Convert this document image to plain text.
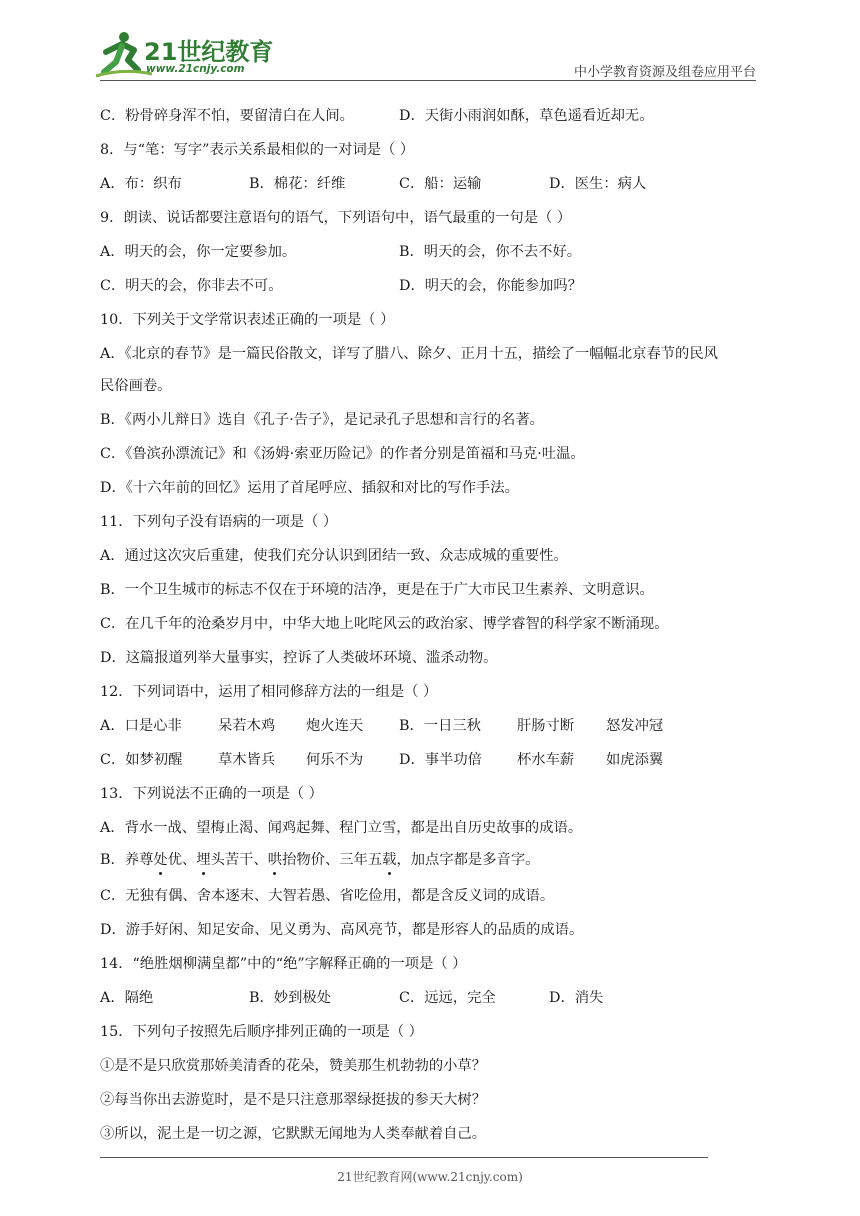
21世纪教育
www.21cnjy.com	中小学教育资源及组卷应用平台
C．粉骨碎身浑不怕，要留清白在人间。	D．天街小雨润如酥，草色遥看近却无。
8．与“笔：写字”表示关系最相似的一对词是（ ）
A．布：织布	B．棉花：纤维	C．船：运输	D．医生：病人
9．朗读、说话都要注意语句的语气，下列语句中，语气最重的一句是（ ）
A．明天的会，你一定要参加。	B．明天的会，你不去不好。
C．明天的会，你非去不可。	D．明天的会，你能参加吗？
10．下列关于文学常识表述正确的一项是（ ）
A．《北京的春节》是一篇民俗散文，详写了腊八、除夕、正月十五，描绘了一幅幅北京春节的民风
民俗画卷。
B．《两小儿辩日》选自《孔子·告子》，是记录孔子思想和言行的名著。
C．《鲁滨孙漂流记》和《汤姆·索亚历险记》的作者分别是笛福和马克·吐温。
D．《十六年前的回忆》运用了首尾呼应、插叙和对比的写作手法。
11．下列句子没有语病的一项是（ ）
A．通过这次灾后重建，使我们充分认识到团结一致、众志成城的重要性。
B．一个卫生城市的标志不仅在于环境的洁净，更是在于广大市民卫生素养、文明意识。
C．在几千年的沧桑岁月中，中华大地上叱咤风云的政治家、博学睿智的科学家不断涌现。
D．这篇报道列举大量事实，控诉了人类破坏环境、滥杀动物。
12．下列词语中，运用了相同修辞方法的一组是（ ）
A．口是心非	呆若木鸡 炮火连天	B．一日三秋	肝肠寸断 怒发冲冠
C．如梦初醒 草木皆兵 何乐不为	D．事半功倍 杯水车薪 如虎添翼
13．下列说法不正确的一项是（ ）
A．背水一战、望梅止渴、闻鸡起舞、程门立雪，都是出自历史故事的成语。
B．养尊处优、埋头苦干、哄抬物价、三年五载，加点字都是多音字。
C．无独有偶、舍本逐末、大智若愚、省吃俭用，都是含反义词的成语。
D．游手好闲、知足安命、见义勇为、高风亮节，都是形容人的品质的成语。
14．“绝胜烟柳满皇都”中的“绝”字解释正确的一项是（ ）
A．隔绝	B．妙到极处	C．远远，完全	D．消失
15．下列句子按照先后顺序排列正确的一项是（ ）
①是不是只欣赏那娇美清香的花朵，赞美那生机勃勃的小草？
②每当你出去游览时，是不是只注意那翠绿挺拔的参天大树？
③所以，泥土是一切之源，它默默无闻地为人类奉献着自己。
21世纪教育网(www.21cnjy.com)
